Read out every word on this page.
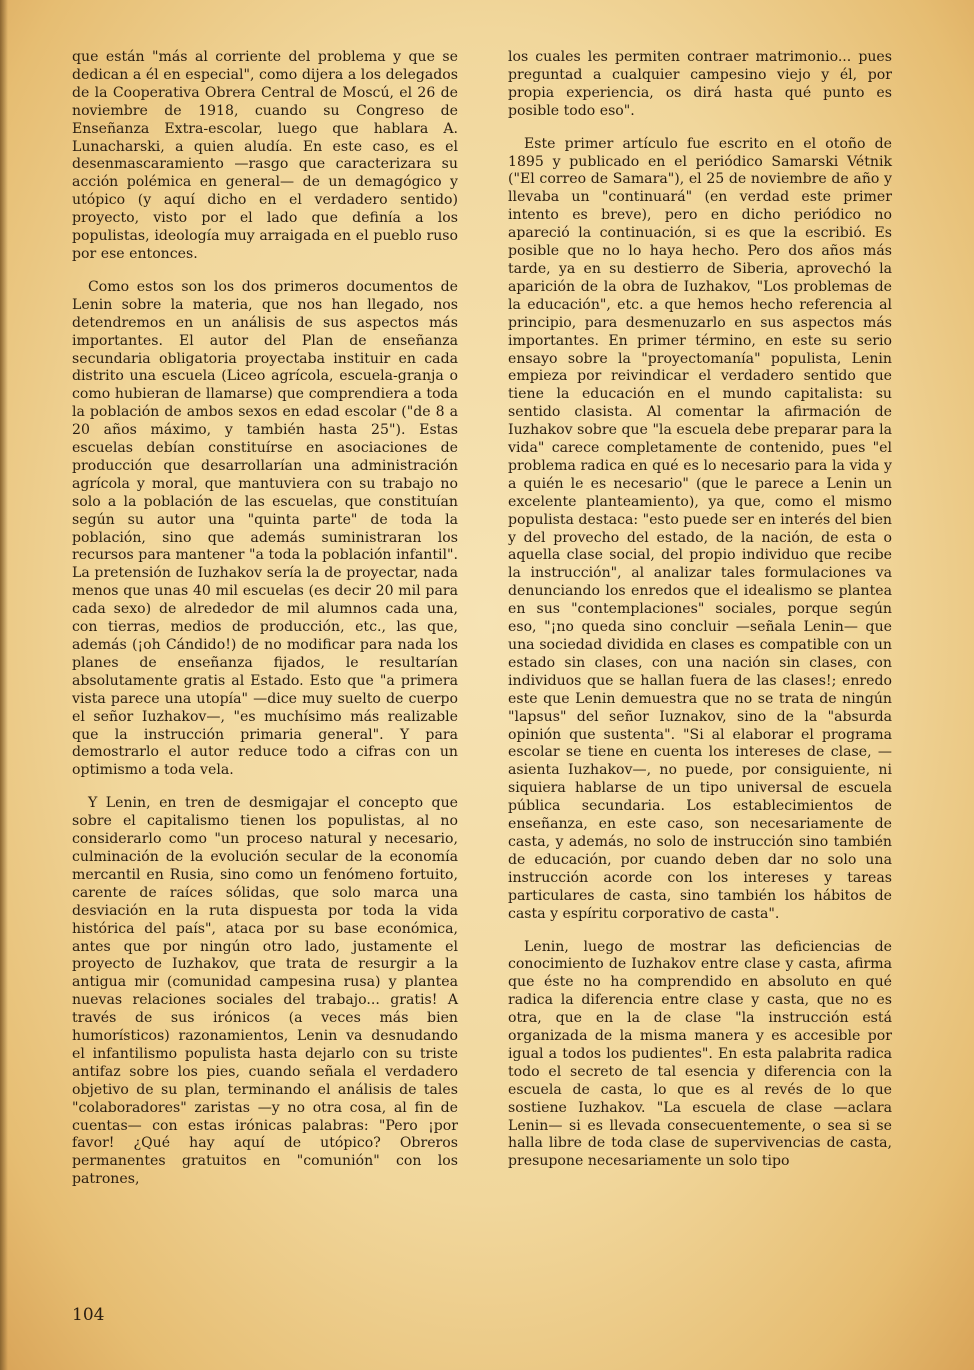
que están "más al corriente del problema y que se dedican a él en especial", como dijera a los delegados de la Cooperativa Obrera Central de Moscú, el 26 de noviembre de 1918, cuando su Congreso de Enseñanza Extra-escolar, luego que hablara A. Lunacharski, a quien aludía. En este caso, es el desenmascaramiento —rasgo que caracterizara su acción polémica en general— de un demagógico y utópico (y aquí dicho en el verdadero sentido) proyecto, visto por el lado que definía a los populistas, ideología muy arraigada en el pueblo ruso por ese entonces.

Como estos son los dos primeros documentos de Lenin sobre la materia, que nos han llegado, nos detendremos en un análisis de sus aspectos más importantes. El autor del Plan de enseñanza secundaria obligatoria proyectaba instituir en cada distrito una escuela (Liceo agrícola, escuela-granja o como hubieran de llamarse) que comprendiera a toda la población de ambos sexos en edad escolar ("de 8 a 20 años máximo, y también hasta 25"). Estas escuelas debían constituírse en asociaciones de producción que desarrollarían una administración agrícola y moral, que mantuviera con su trabajo no solo a la población de las escuelas, que constituían según su autor una "quinta parte" de toda la población, sino que además suministraran los recursos para mantener "a toda la población infantil". La pretensión de Iuzhakov sería la de proyectar, nada menos que unas 40 mil escuelas (es decir 20 mil para cada sexo) de alrededor de mil alumnos cada una, con tierras, medios de producción, etc., las que, además (¡oh Cándido!) de no modificar para nada los planes de enseñanza fijados, le resultarían absolutamente gratis al Estado. Esto que "a primera vista parece una utopía" —dice muy suelto de cuerpo el señor Iuzhakov—, "es muchísimo más realizable que la instrucción primaria general". Y para demostrarlo el autor reduce todo a cifras con un optimismo a toda vela.

Y Lenin, en tren de desmigajar el concepto que sobre el capitalismo tienen los populistas, al no considerarlo como "un proceso natural y necesario, culminación de la evolución secular de la economía mercantil en Rusia, sino como un fenómeno fortuito, carente de raíces sólidas, que solo marca una desviación en la ruta dispuesta por toda la vida histórica del país", ataca por su base económica, antes que por ningún otro lado, justamente el proyecto de Iuzhakov, que trata de resurgir a la antigua mir (comunidad campesina rusa) y plantea nuevas relaciones sociales del trabajo... gratis! A través de sus irónicos (a veces más bien humorísticos) razonamientos, Lenin va desnudando el infantilismo populista hasta dejarlo con su triste antifaz sobre los pies, cuando señala el verdadero objetivo de su plan, terminando el análisis de tales "colaboradores" zaristas —y no otra cosa, al fin de cuentas— con estas irónicas palabras: "Pero ¡por favor! ¿Qué hay aquí de utópico? Obreros permanentes gratuitos en "comunión" con los patrones,

los cuales les permiten contraer matrimonio... pues preguntad a cualquier campesino viejo y él, por propia experiencia, os dirá hasta qué punto es posible todo eso".

Este primer artículo fue escrito en el otoño de 1895 y publicado en el periódico Samarski Vétnik ("El correo de Samara"), el 25 de noviembre de año y llevaba un "continuará" (en verdad este primer intento es breve), pero en dicho periódico no apareció la continuación, si es que la escribió. Es posible que no lo haya hecho. Pero dos años más tarde, ya en su destierro de Siberia, aprovechó la aparición de la obra de Iuzhakov, "Los problemas de la educación", etc. a que hemos hecho referencia al principio, para desmenuzarlo en sus aspectos más importantes. En primer término, en este su serio ensayo sobre la "proyectomanía" populista, Lenin empieza por reivindicar el verdadero sentido que tiene la educación en el mundo capitalista: su sentido clasista. Al comentar la afirmación de Iuzhakov sobre que "la escuela debe preparar para la vida" carece completamente de contenido, pues "el problema radica en qué es lo necesario para la vida y a quién le es necesario" (que le parece a Lenin un excelente planteamiento), ya que, como el mismo populista destaca: "esto puede ser en interés del bien y del provecho del estado, de la nación, de esta o aquella clase social, del propio individuo que recibe la instrucción", al analizar tales formulaciones va denunciando los enredos que el idealismo se plantea en sus "contemplaciones" sociales, porque según eso, "¡no queda sino concluir —señala Lenin— que una sociedad dividida en clases es compatible con un estado sin clases, con una nación sin clases, con individuos que se hallan fuera de las clases!; enredo este que Lenin demuestra que no se trata de ningún "lapsus" del señor Iuznakov, sino de la "absurda opinión que sustenta". "Si al elaborar el programa escolar se tiene en cuenta los intereses de clase, —asienta Iuzhakov—, no puede, por consiguiente, ni siquiera hablarse de un tipo universal de escuela pública secundaria. Los establecimientos de enseñanza, en este caso, son necesariamente de casta, y además, no solo de instrucción sino también de educación, por cuando deben dar no solo una instrucción acorde con los intereses y tareas particulares de casta, sino también los hábitos de casta y espíritu corporativo de casta".

Lenin, luego de mostrar las deficiencias de conocimiento de Iuzhakov entre clase y casta, afirma que éste no ha comprendido en absoluto en qué radica la diferencia entre clase y casta, que no es otra, que en la de clase "la instrucción está organizada de la misma manera y es accesible por igual a todos los pudientes". En esta palabrita radica todo el secreto de tal esencia y diferencia con la escuela de casta, lo que es al revés de lo que sostiene Iuzhakov. "La escuela de clase —aclara Lenin— si es llevada consecuentemente, o sea si se halla libre de toda clase de supervivencias de casta, presupone necesariamente un solo tipo

104
